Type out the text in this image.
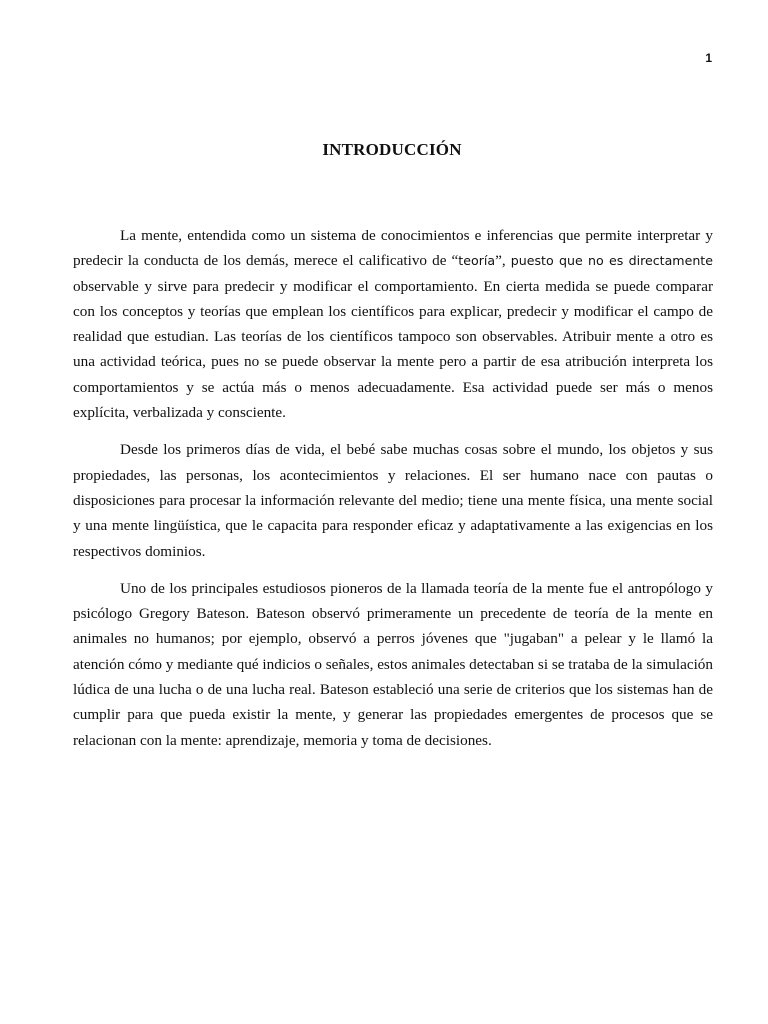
1
INTRODUCCIÓN

La mente, entendida como un sistema de conocimientos e inferencias que permite interpretar y predecir la conducta de los demás, merece el calificativo de “teoría”, puesto que no es directamente observable y sirve para predecir y modificar el comportamiento. En cierta medida se puede comparar con los conceptos y teorías que emplean los científicos para explicar, predecir y modificar el campo de realidad que estudian. Las teorías de los científicos tampoco son observables. Atribuir mente a otro es una actividad teórica, pues no se puede observar la mente pero a partir de esa atribución interpreta los comportamientos y se actúa más o menos adecuadamente. Esa actividad puede ser más o menos explícita, verbalizada y consciente.

Desde los primeros días de vida, el bebé sabe muchas cosas sobre el mundo, los objetos y sus propiedades, las personas, los acontecimientos y relaciones. El ser humano nace con pautas o disposiciones para procesar la información relevante del medio; tiene una mente física, una mente social y una mente lingüística, que le capacita para responder eficaz y adaptativamente a las exigencias en los respectivos dominios.

Uno de los principales estudiosos pioneros de la llamada teoría de la mente fue el antropólogo y psicólogo Gregory Bateson. Bateson observó primeramente un precedente de teoría de la mente en animales no humanos; por ejemplo, observó a perros jóvenes que "jugaban" a pelear y le llamó la atención cómo y mediante qué indicios o señales, estos animales detectaban si se trataba de la simulación lúdica de una lucha o de una lucha real. Bateson estableció una serie de criterios que los sistemas han de cumplir para que pueda existir la mente, y generar las propiedades emergentes de procesos que se relacionan con la mente: aprendizaje, memoria y toma de decisiones.
